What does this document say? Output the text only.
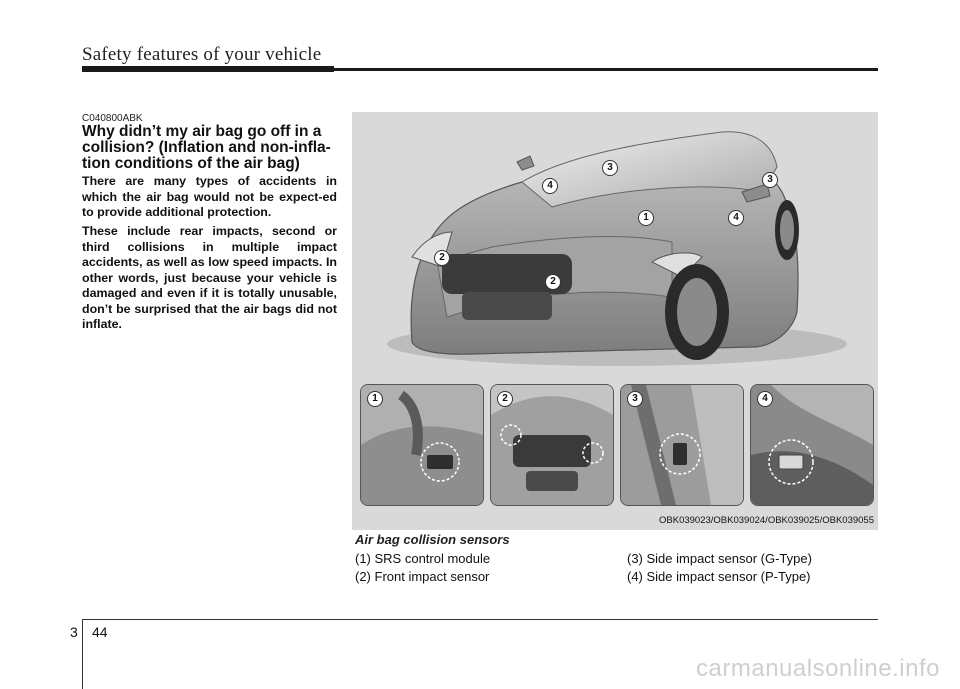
Safety features of your vehicle
C040800ABK
Why didn’t my air bag go off in a collision? (Inflation and non-infla-tion conditions of the air bag)

There are many types of accidents in which the air bag would not be expect-ed to provide additional protection.

These include rear impacts, second or third collisions in multiple impact accidents, as well as low speed impacts. In other words, just because your vehicle is damaged and even if it is totally unusable, don’t be surprised that the air bags did not inflate.

3
4
3
1	4
2
2
1	2	3	4
OBK039023/OBK039024/OBK039025/OBK039055
Air bag collision sensors
(1) SRS control module
(2) Front impact sensor
(3) Side impact sensor (G-Type)
(4) Side impact sensor (P-Type)
3 44
carmanualsonline.info
